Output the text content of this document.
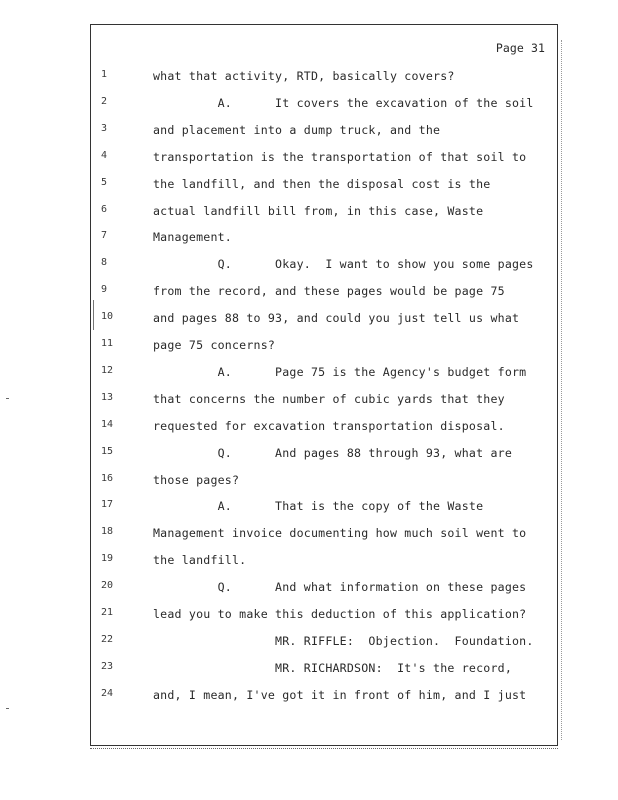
Page 31
1	what that activity, RTD, basically covers?
2	A.      It covers the excavation of the soil
3	and placement into a dump truck, and the
4	transportation is the transportation of that soil to
5	the landfill, and then the disposal cost is the
6	actual landfill bill from, in this case, Waste
7	Management.
8	Q.      Okay.  I want to show you some pages
9	from the record, and these pages would be page 75
10	and pages 88 to 93, and could you just tell us what
11	page 75 concerns?
12	A.      Page 75 is the Agency's budget form
13	that concerns the number of cubic yards that they
14	requested for excavation transportation disposal.
15	Q.      And pages 88 through 93, what are
16	those pages?
17	A.      That is the copy of the Waste
18	Management invoice documenting how much soil went to
19	the landfill.
20	Q.      And what information on these pages
21	lead you to make this deduction of this application?
22	MR. RIFFLE:  Objection.  Foundation.
23	MR. RICHARDSON:  It's the record,
24	and, I mean, I've got it in front of him, and I just
